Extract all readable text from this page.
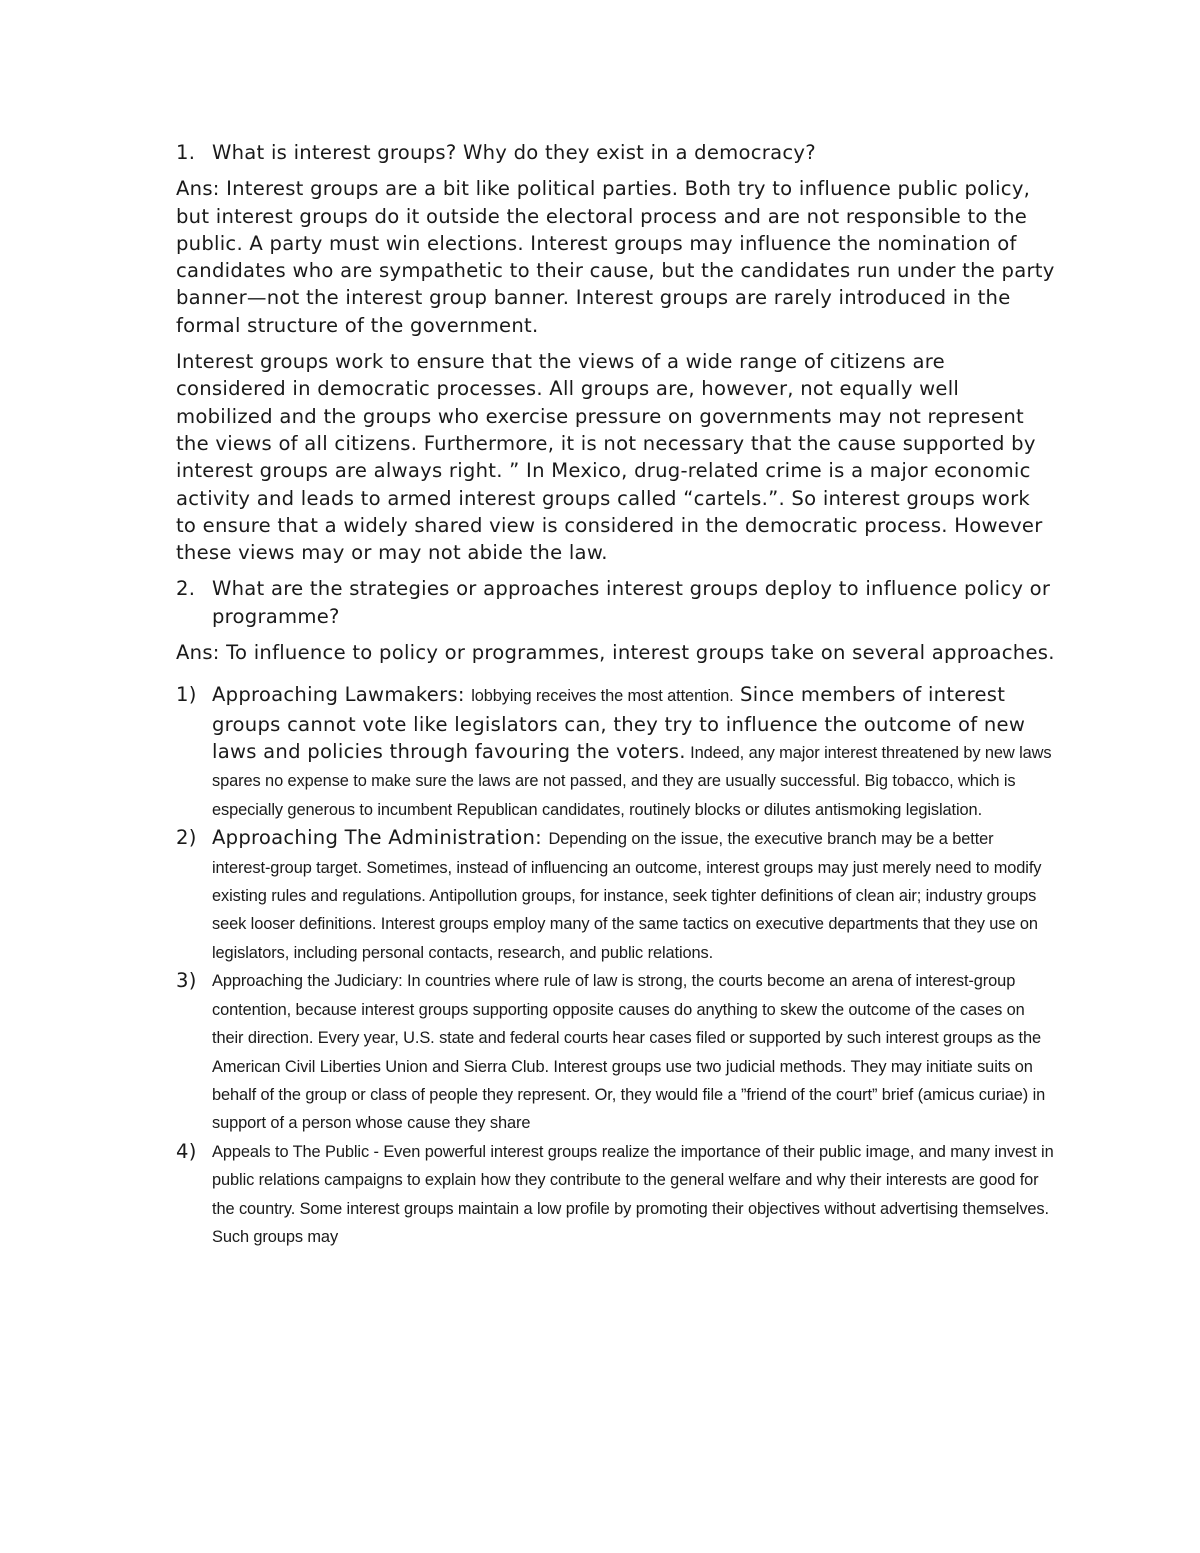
1. What is interest groups? Why do they exist in a democracy?

Ans: Interest groups are a bit like political parties. Both try to influence public policy, but interest groups do it outside the electoral process and are not responsible to the public. A party must win elections. Interest groups may influence the nomination of candidates who are sympathetic to their cause, but the candidates run under the party banner—not the interest group banner. Interest groups are rarely introduced in the formal structure of the government.

Interest groups work to ensure that the views of a wide range of citizens are considered in democratic processes. All groups are, however, not equally well mobilized and the groups who exercise pressure on governments may not represent the views of all citizens. Furthermore, it is not necessary that the cause supported by interest groups are always right. ” In Mexico, drug-related crime is a major economic activity and leads to armed interest groups called “cartels.”. So interest groups work to ensure that a widely shared view is considered in the democratic process. However these views may or may not abide the law.

2. What are the strategies or approaches interest groups deploy to influence policy or programme?

Ans: To influence to policy or programmes, interest groups take on several approaches.

1) Approaching Lawmakers: lobbying receives the most attention. Since members of interest groups cannot vote like legislators can, they try to influence the outcome of new laws and policies through favouring the voters. Indeed, any major interest threatened by new laws spares no expense to make sure the laws are not passed, and they are usually successful. Big tobacco, which is especially generous to incumbent Republican candidates, routinely blocks or dilutes antismoking legislation.
2) Approaching The Administration: Depending on the issue, the executive branch may be a better interest-group target. Sometimes, instead of influencing an outcome, interest groups may just merely need to modify existing rules and regulations. Antipollution groups, for instance, seek tighter definitions of clean air; industry groups seek looser definitions. Interest groups employ many of the same tactics on executive departments that they use on legislators, including personal contacts, research, and public relations.
3) Approaching the Judiciary: In countries where rule of law is strong, the courts become an arena of interest-group contention, because interest groups supporting opposite causes do anything to skew the outcome of the cases on their direction. Every year, U.S. state and federal courts hear cases filed or supported by such interest groups as the American Civil Liberties Union and Sierra Club. Interest groups use two judicial methods. They may initiate suits on behalf of the group or class of people they represent. Or, they would file a ”friend of the court” brief (amicus curiae) in support of a person whose cause they share
4) Appeals to The Public - Even powerful interest groups realize the importance of their public image, and many invest in public relations campaigns to explain how they contribute to the general welfare and why their interests are good for the country. Some interest groups maintain a low profile by promoting their objectives without advertising themselves. Such groups may
